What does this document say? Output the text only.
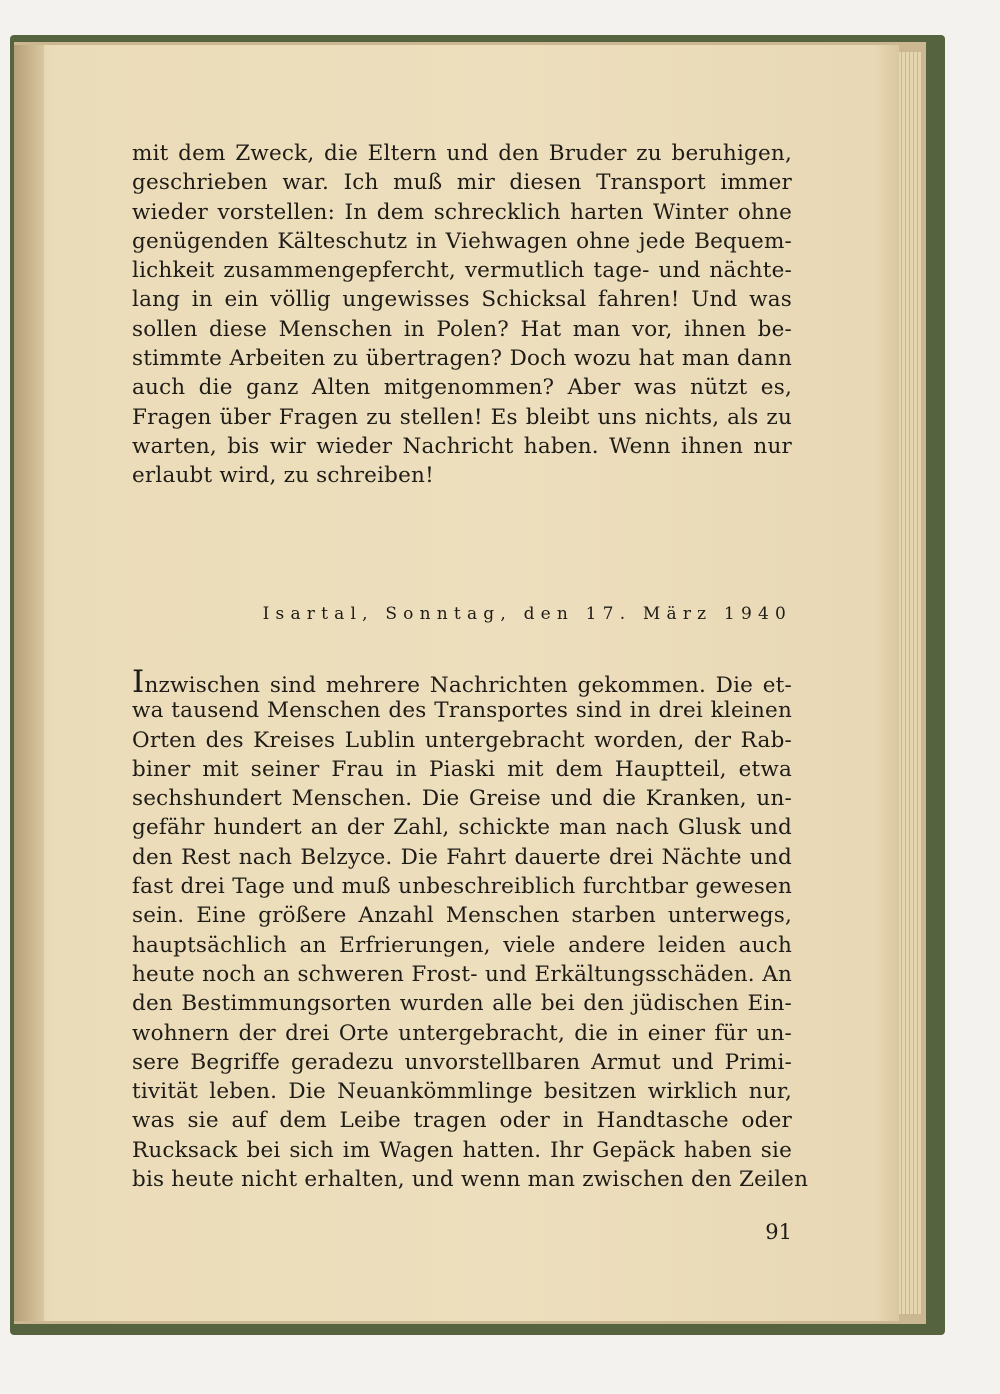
mit dem Zweck, die Eltern und den Bruder zu beruhigen,
geschrieben war. Ich muß mir diesen Transport immer
wieder vorstellen: In dem schrecklich harten Winter ohne
genügenden Kälteschutz in Viehwagen ohne jede Bequem-
lichkeit zusammengepfercht, vermutlich tage- und nächte-
lang in ein völlig ungewisses Schicksal fahren! Und was
sollen diese Menschen in Polen? Hat man vor, ihnen be-
stimmte Arbeiten zu übertragen? Doch wozu hat man dann
auch die ganz Alten mitgenommen? Aber was nützt es,
Fragen über Fragen zu stellen! Es bleibt uns nichts, als zu
warten, bis wir wieder Nachricht haben. Wenn ihnen nur
erlaubt wird, zu schreiben!
Isartal, Sonntag, den 17. März 1940
Inzwischen sind mehrere Nachrichten gekommen. Die et-
wa tausend Menschen des Transportes sind in drei kleinen
Orten des Kreises Lublin untergebracht worden, der Rab-
biner mit seiner Frau in Piaski mit dem Hauptteil, etwa
sechshundert Menschen. Die Greise und die Kranken, un-
gefähr hundert an der Zahl, schickte man nach Glusk und
den Rest nach Belzyce. Die Fahrt dauerte drei Nächte und
fast drei Tage und muß unbeschreiblich furchtbar gewesen
sein. Eine größere Anzahl Menschen starben unterwegs,
hauptsächlich an Erfrierungen, viele andere leiden auch
heute noch an schweren Frost- und Erkältungsschäden. An
den Bestimmungsorten wurden alle bei den jüdischen Ein-
wohnern der drei Orte untergebracht, die in einer für un-
sere Begriffe geradezu unvorstellbaren Armut und Primi-
tivität leben. Die Neuankömmlinge besitzen wirklich nur,
was sie auf dem Leibe tragen oder in Handtasche oder
Rucksack bei sich im Wagen hatten. Ihr Gepäck haben sie
bis heute nicht erhalten, und wenn man zwischen den Zeilen
91
